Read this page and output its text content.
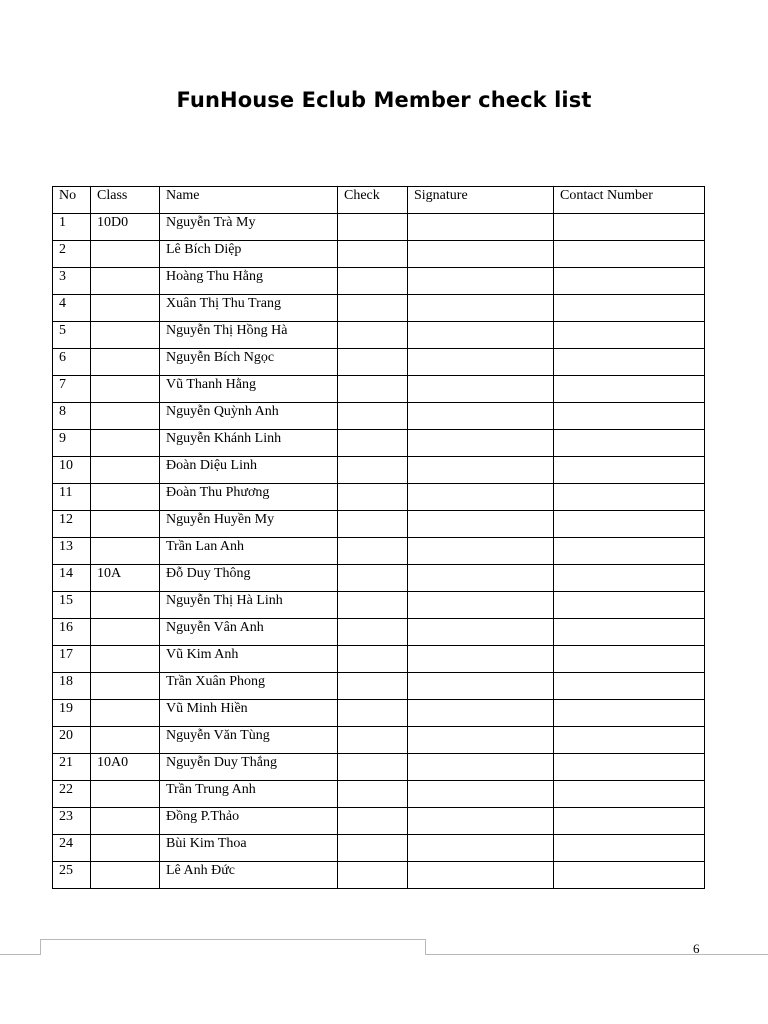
FunHouse Eclub Member check list
No	Class	Name	Check	Signature	Contact Number
1	10D0	Nguyễn Trà My			
2		Lê Bích Diệp			
3		Hoàng Thu Hằng			
4		Xuân Thị Thu Trang			
5		Nguyễn Thị Hồng Hà			
6		Nguyễn Bích Ngọc			
7		Vũ Thanh Hằng			
8		Nguyễn Quỳnh Anh			
9		Nguyễn Khánh Linh			
10		Đoàn Diệu Linh			
11		Đoàn Thu Phương			
12		Nguyễn Huyền My			
13		Trần Lan Anh			
14	10A	Đỗ Duy Thông			
15		Nguyễn Thị Hà Linh			
16		Nguyễn Vân Anh			
17		Vũ Kim Anh			
18		Trần Xuân Phong			
19		Vũ Minh Hiền			
20		Nguyễn Văn Tùng			
21	10A0	Nguyễn Duy Thắng			
22		Trần Trung Anh			
23		Đồng P.Thảo			
24		Bùi Kim Thoa			
25		Lê Anh Đức			
6
